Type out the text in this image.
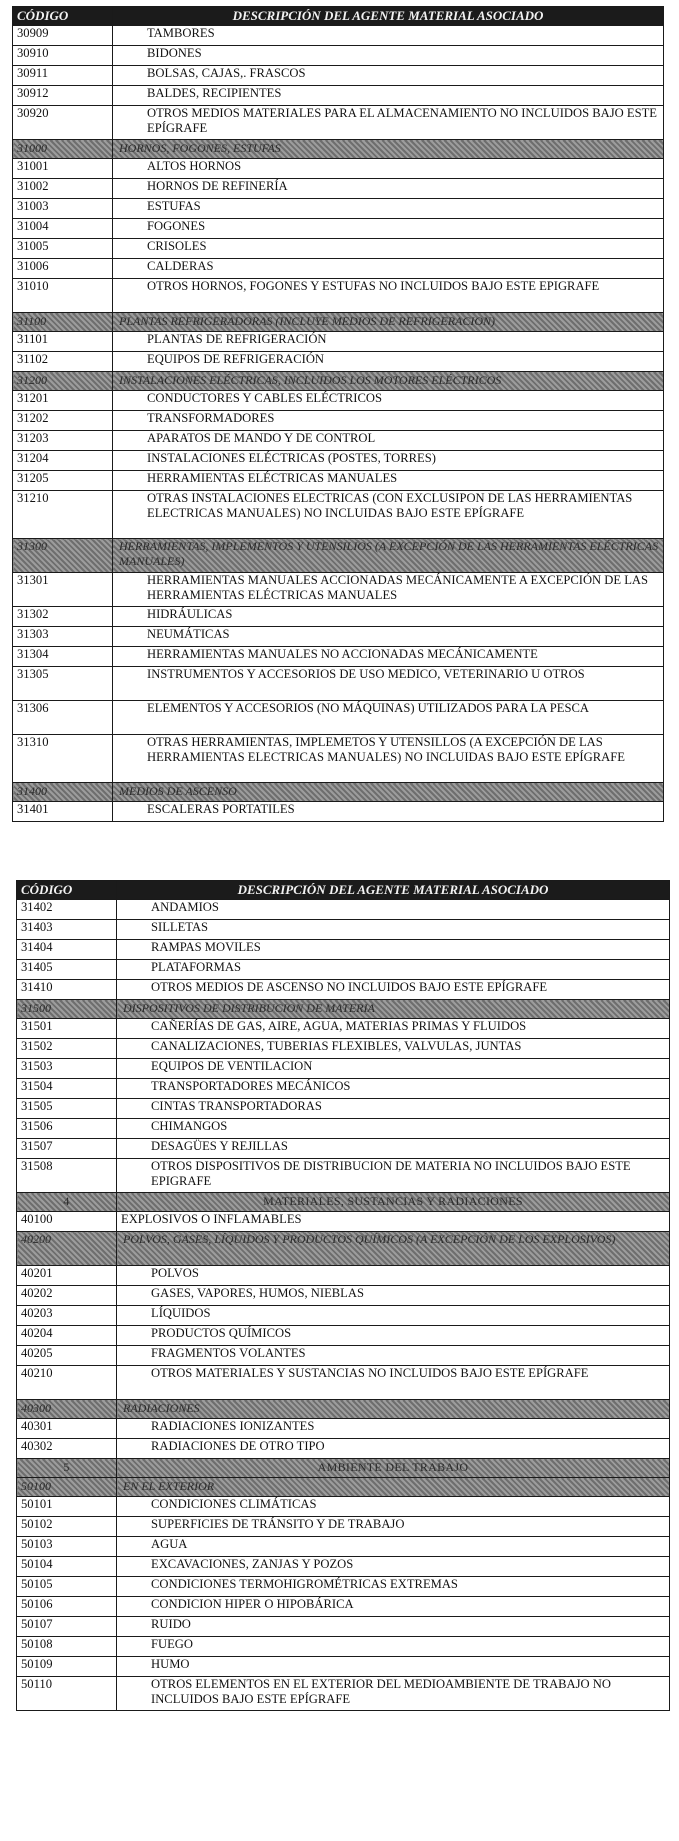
CÓDIGO	DESCRIPCIÓN DEL AGENTE MATERIAL ASOCIADO
30909	TAMBORES
30910	BIDONES
30911	BOLSAS, CAJAS,. FRASCOS
30912	BALDES, RECIPIENTES
30920	OTROS MEDIOS MATERIALES PARA EL ALMACENAMIENTO NO INCLUIDOS BAJO ESTE EPÍGRAFE
31000	HORNOS, FOGONES, ESTUFAS
31001	ALTOS HORNOS
31002	HORNOS DE REFINERÍA
31003	ESTUFAS
31004	FOGONES
31005	CRISOLES
31006	CALDERAS
31010	OTROS HORNOS, FOGONES Y ESTUFAS NO INCLUIDOS BAJO ESTE EPIGRAFE
31100	PLANTAS REFRIGERADORAS (INCLUYE MEDIOS DE REFRIGERACION)
31101	PLANTAS DE REFRIGERACIÓN
31102	EQUIPOS DE REFRIGERACIÓN
31200	INSTALACIONES ELÉCTRICAS, INCLUIDOS LOS MOTORES ELÉCTRICOS
31201	CONDUCTORES Y CABLES ELÉCTRICOS
31202	TRANSFORMADORES
31203	APARATOS DE MANDO Y DE CONTROL
31204	INSTALACIONES ELÉCTRICAS (POSTES, TORRES)
31205	HERRAMIENTAS ELÉCTRICAS MANUALES
31210	OTRAS INSTALACIONES ELECTRICAS (CON EXCLUSIPON DE LAS HERRAMIENTAS ELECTRICAS MANUALES) NO INCLUIDAS BAJO ESTE EPÍGRAFE
31300	HERRAMIENTAS, IMPLEMENTOS Y UTENSILIOS (A EXCEPCIÓN DE LAS HERRAMIENTAS ELÉCTRICAS MANUALES)
31301	HERRAMIENTAS MANUALES ACCIONADAS MECÁNICAMENTE A EXCEPCIÓN DE LAS HERRAMIENTAS ELÉCTRICAS MANUALES
31302	HIDRÁULICAS
31303	NEUMÁTICAS
31304	HERRAMIENTAS MANUALES NO ACCIONADAS MECÁNICAMENTE
31305	INSTRUMENTOS Y ACCESORIOS DE USO MEDICO, VETERINARIO U OTROS
31306	ELEMENTOS Y ACCESORIOS (NO MÁQUINAS) UTILIZADOS PARA LA PESCA
31310	OTRAS HERRAMIENTAS, IMPLEMETOS Y UTENSILLOS (A EXCEPCIÓN DE LAS HERRAMIENTAS ELECTRICAS MANUALES) NO INCLUIDAS BAJO ESTE EPÍGRAFE
31400	MEDIOS DE ASCENSO
31401	ESCALERAS PORTATILES
CÓDIGO	DESCRIPCIÓN DEL AGENTE MATERIAL ASOCIADO
31402	ANDAMIOS
31403	SILLETAS
31404	RAMPAS MOVILES
31405	PLATAFORMAS
31410	OTROS MEDIOS DE ASCENSO NO INCLUIDOS BAJO ESTE EPÍGRAFE
31500	DISPOSITIVOS DE DISTRIBUCION DE MATERIA
31501	CAÑERÍAS DE GAS, AIRE, AGUA, MATERIAS PRIMAS Y FLUIDOS
31502	CANALIZACIONES, TUBERIAS FLEXIBLES, VALVULAS, JUNTAS
31503	EQUIPOS DE VENTILACION
31504	TRANSPORTADORES MECÁNICOS
31505	CINTAS TRANSPORTADORAS
31506	CHIMANGOS
31507	DESAGÜES Y REJILLAS
31508	OTROS DISPOSITIVOS DE DISTRIBUCION DE MATERIA NO INCLUIDOS BAJO ESTE EPIGRAFE
4	MATERIALES, SUSTANCIAS Y RADIACIONES
40100	EXPLOSIVOS O INFLAMABLES
40200	POLVOS, GASES, LÍQUIDOS Y PRODUCTOS QUÍMICOS (A EXCEPCIÓN DE LOS EXPLOSIVOS)
40201	POLVOS
40202	GASES, VAPORES, HUMOS, NIEBLAS
40203	LÍQUIDOS
40204	PRODUCTOS QUÍMICOS
40205	FRAGMENTOS VOLANTES
40210	OTROS MATERIALES Y SUSTANCIAS NO INCLUIDOS BAJO ESTE EPÍGRAFE
40300	RADIACIONES
40301	RADIACIONES IONIZANTES
40302	RADIACIONES DE OTRO TIPO
5	AMBIENTE DEL TRABAJO
50100	EN EL EXTERIOR
50101	CONDICIONES CLIMÁTICAS
50102	SUPERFICIES DE TRÁNSITO Y DE TRABAJO
50103	AGUA
50104	EXCAVACIONES, ZANJAS Y POZOS
50105	CONDICIONES TERMOHIGROMÉTRICAS EXTREMAS
50106	CONDICION HIPER O HIPOBÁRICA
50107	RUIDO
50108	FUEGO
50109	HUMO
50110	OTROS ELEMENTOS EN EL EXTERIOR DEL MEDIOAMBIENTE DE TRABAJO NO INCLUIDOS BAJO ESTE EPÍGRAFE
